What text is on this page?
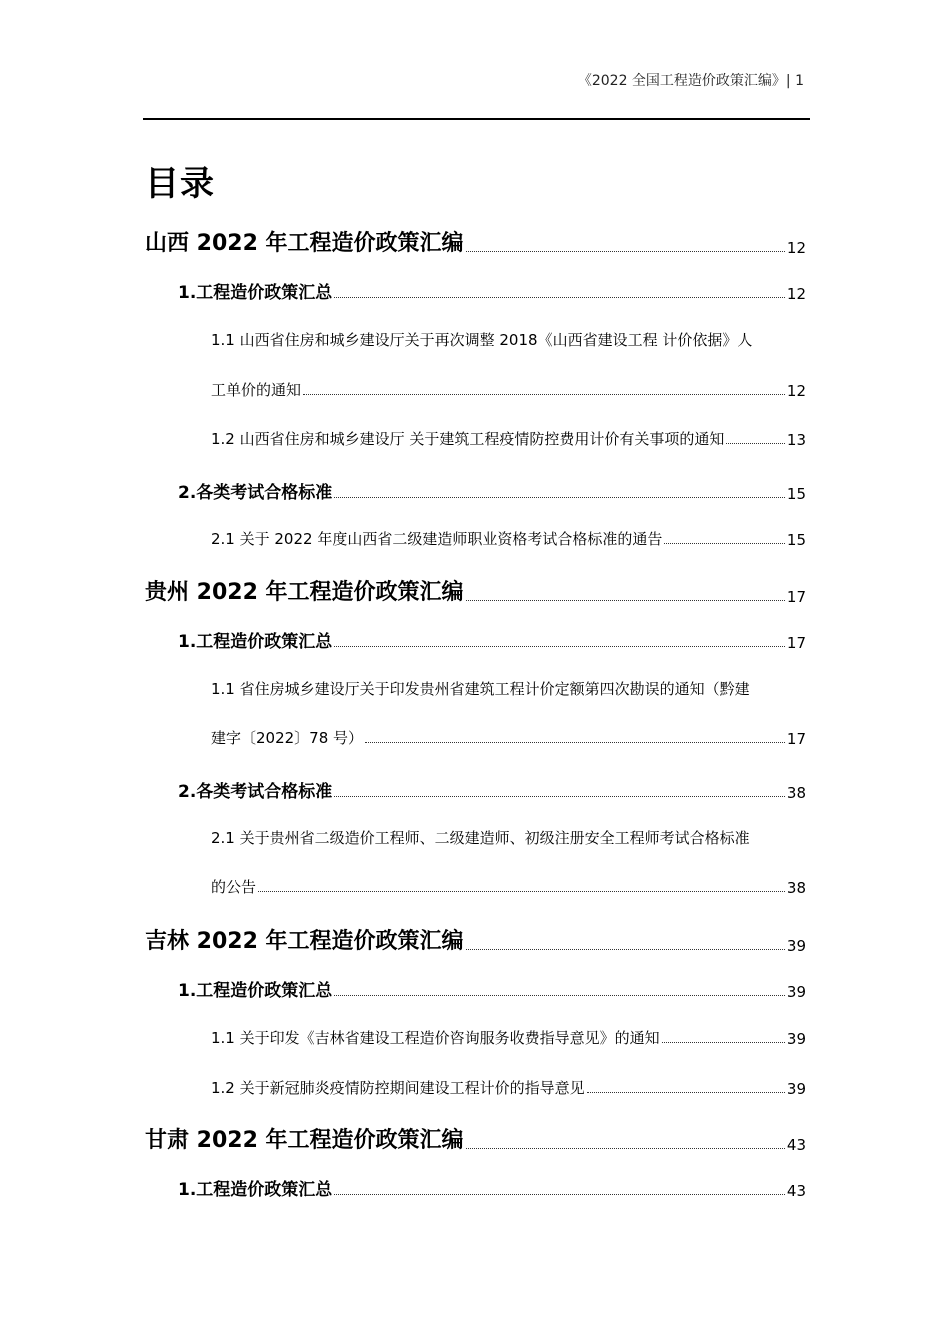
《2022 全国工程造价政策汇编》| 1
目录
山西 2022 年工程造价政策汇编	12
1.工程造价政策汇总	12
1.1 山西省住房和城乡建设厅关于再次调整 2018《山西省建设工程 计价依据》人
工单价的通知	12
1.2 山西省住房和城乡建设厅 关于建筑工程疫情防控费用计价有关事项的通知	13
2.各类考试合格标准	15
2.1 关于 2022 年度山西省二级建造师职业资格考试合格标准的通告	15
贵州 2022 年工程造价政策汇编	17
1.工程造价政策汇总	17
1.1 省住房城乡建设厅关于印发贵州省建筑工程计价定额第四次勘误的通知（黔建
建字〔2022〕78 号）	17
2.各类考试合格标准	38
2.1 关于贵州省二级造价工程师、二级建造师、初级注册安全工程师考试合格标准
的公告	38
吉林 2022 年工程造价政策汇编	39
1.工程造价政策汇总	39
1.1 关于印发《吉林省建设工程造价咨询服务收费指导意见》的通知	39
1.2 关于新冠肺炎疫情防控期间建设工程计价的指导意见	39
甘肃 2022 年工程造价政策汇编	43
1.工程造价政策汇总	43
